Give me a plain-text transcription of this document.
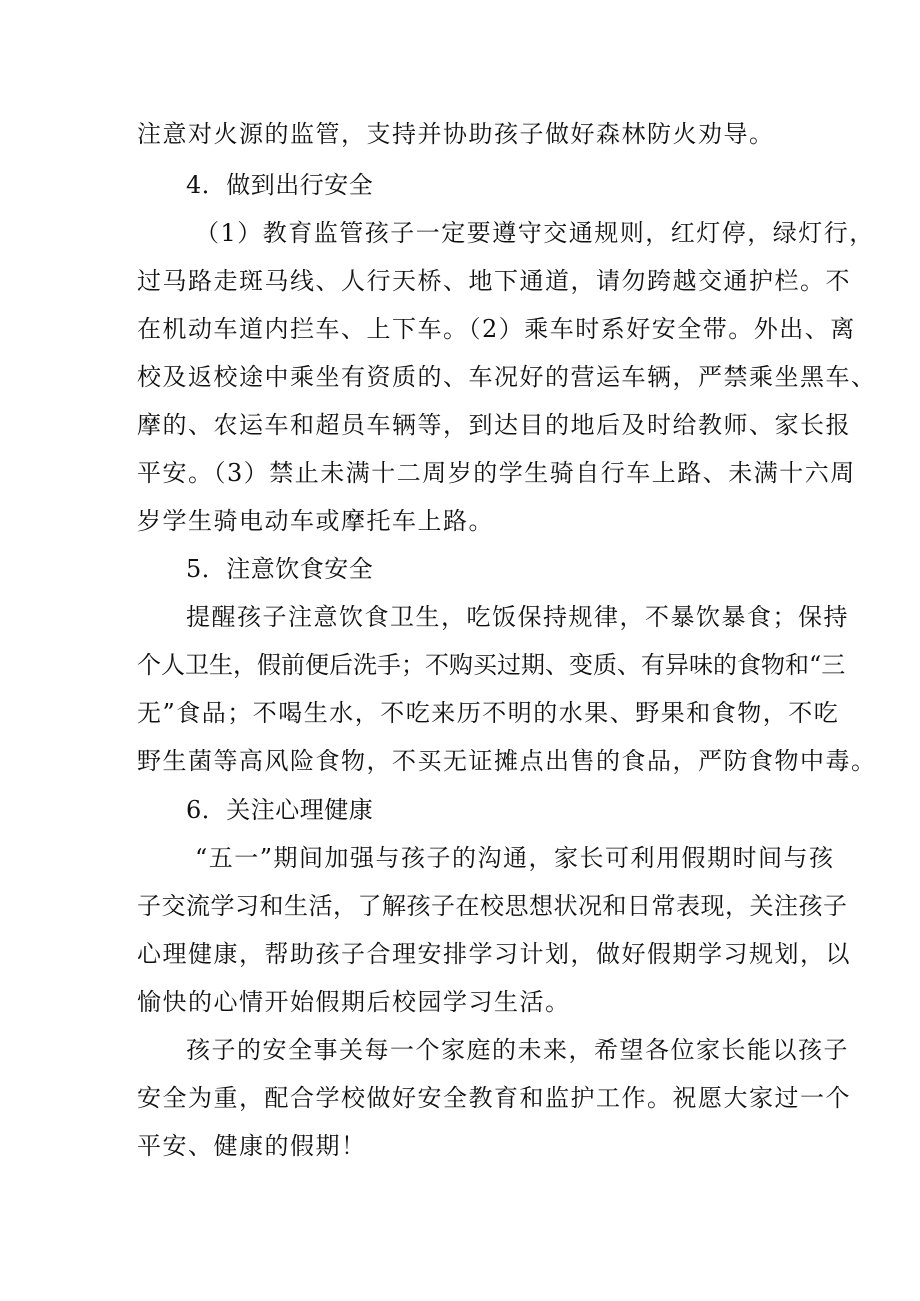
注意对火源的监管，支持并协助孩子做好森林防火劝导。
4．做到出行安全
（1）教育监管孩子一定要遵守交通规则，红灯停，绿灯行，
过马路走斑马线、人行天桥、地下通道，请勿跨越交通护栏。不
在机动车道内拦车、上下车。（2）乘车时系好安全带。外出、离
校及返校途中乘坐有资质的、车况好的营运车辆，严禁乘坐黑车、
摩的、农运车和超员车辆等，到达目的地后及时给教师、家长报
平安。（3）禁止未满十二周岁的学生骑自行车上路、未满十六周
岁学生骑电动车或摩托车上路。
5．注意饮食安全
提醒孩子注意饮食卫生，吃饭保持规律，不暴饮暴食；保持
个人卫生，假前便后洗手；不购买过期、变质、有异味的食物和“三
无”食品；不喝生水，不吃来历不明的水果、野果和食物，不吃
野生菌等高风险食物，不买无证摊点出售的食品，严防食物中毒。
6．关注心理健康
“五一”期间加强与孩子的沟通，家长可利用假期时间与孩
子交流学习和生活，了解孩子在校思想状况和日常表现，关注孩子
心理健康，帮助孩子合理安排学习计划，做好假期学习规划，以
愉快的心情开始假期后校园学习生活。
孩子的安全事关每一个家庭的未来，希望各位家长能以孩子
安全为重，配合学校做好安全教育和监护工作。祝愿大家过一个
平安、健康的假期！
